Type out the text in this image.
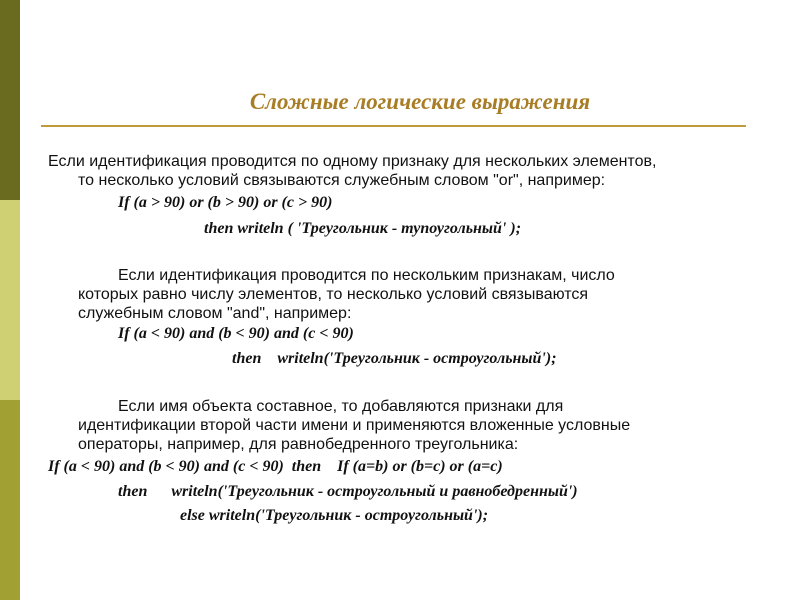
Сложные логические выражения
Если идентификация проводится по одному признаку для нескольких элементов,
то несколько условий связываются служебным словом "or", например:
If (a > 90) or (b > 90) or (c > 90)
then writeln ( 'Треугольник - тупоугольный' );
Если идентификация проводится по нескольким признакам, число
которых равно числу элементов, то несколько условий связываются
служебным словом "and", например:
If (a < 90) and (b < 90) and (c < 90)
then    writeln('Треугольник - остроугольный');
Если имя объекта составное, то добавляются признаки для
идентификации второй части имени и применяются вложенные условные
операторы, например, для равнобедренного треугольника:
If (a < 90) and (b < 90) and (c < 90)  then    If (a=b) or (b=c) or (a=c)
then      writeln('Треугольник - остроугольный и равнобедренный')
else writeln('Треугольник - остроугольный');
